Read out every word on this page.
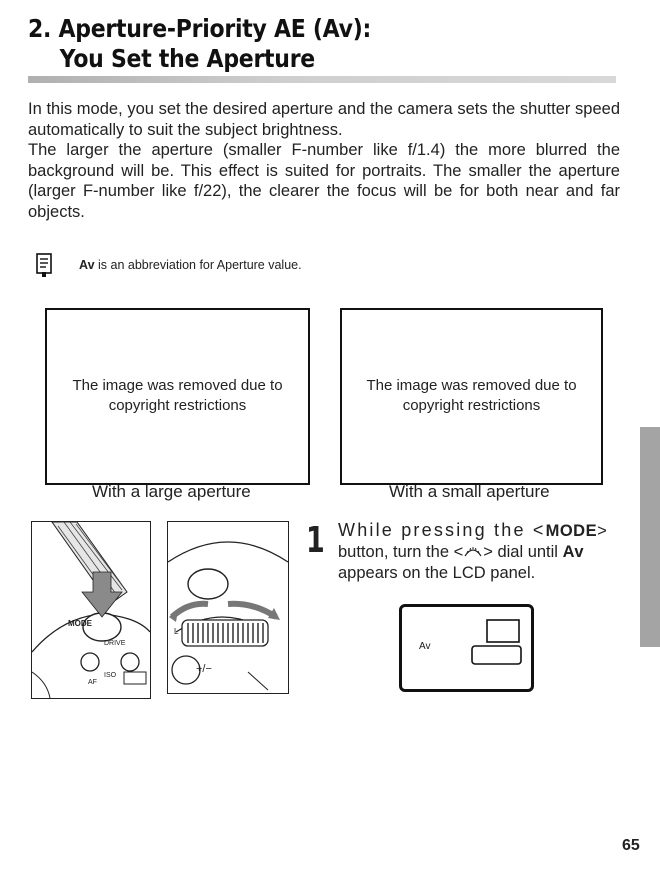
2. Aperture-Priority AE (Av):
You Set the Aperture

In this mode, you set the desired aperture and the camera sets the shutter speed automatically to suit the subject brightness.

The larger the aperture (smaller F-number like f/1.4) the more blurred the background will be. This effect is suited for portraits. The smaller the aperture (larger F-number like f/22), the clearer the focus will be for both near and far objects.

Av is an abbreviation for Aperture value.
The image was removed due to copyright restrictions
With a large aperture
The image was removed due to copyright restrictions
With a small aperture
MODE
DRIVE
ISO
AF
L
+/−
1 While pressing the <MODE> button, turn the < > dial until Av appears on the LCD panel.
Av
65
